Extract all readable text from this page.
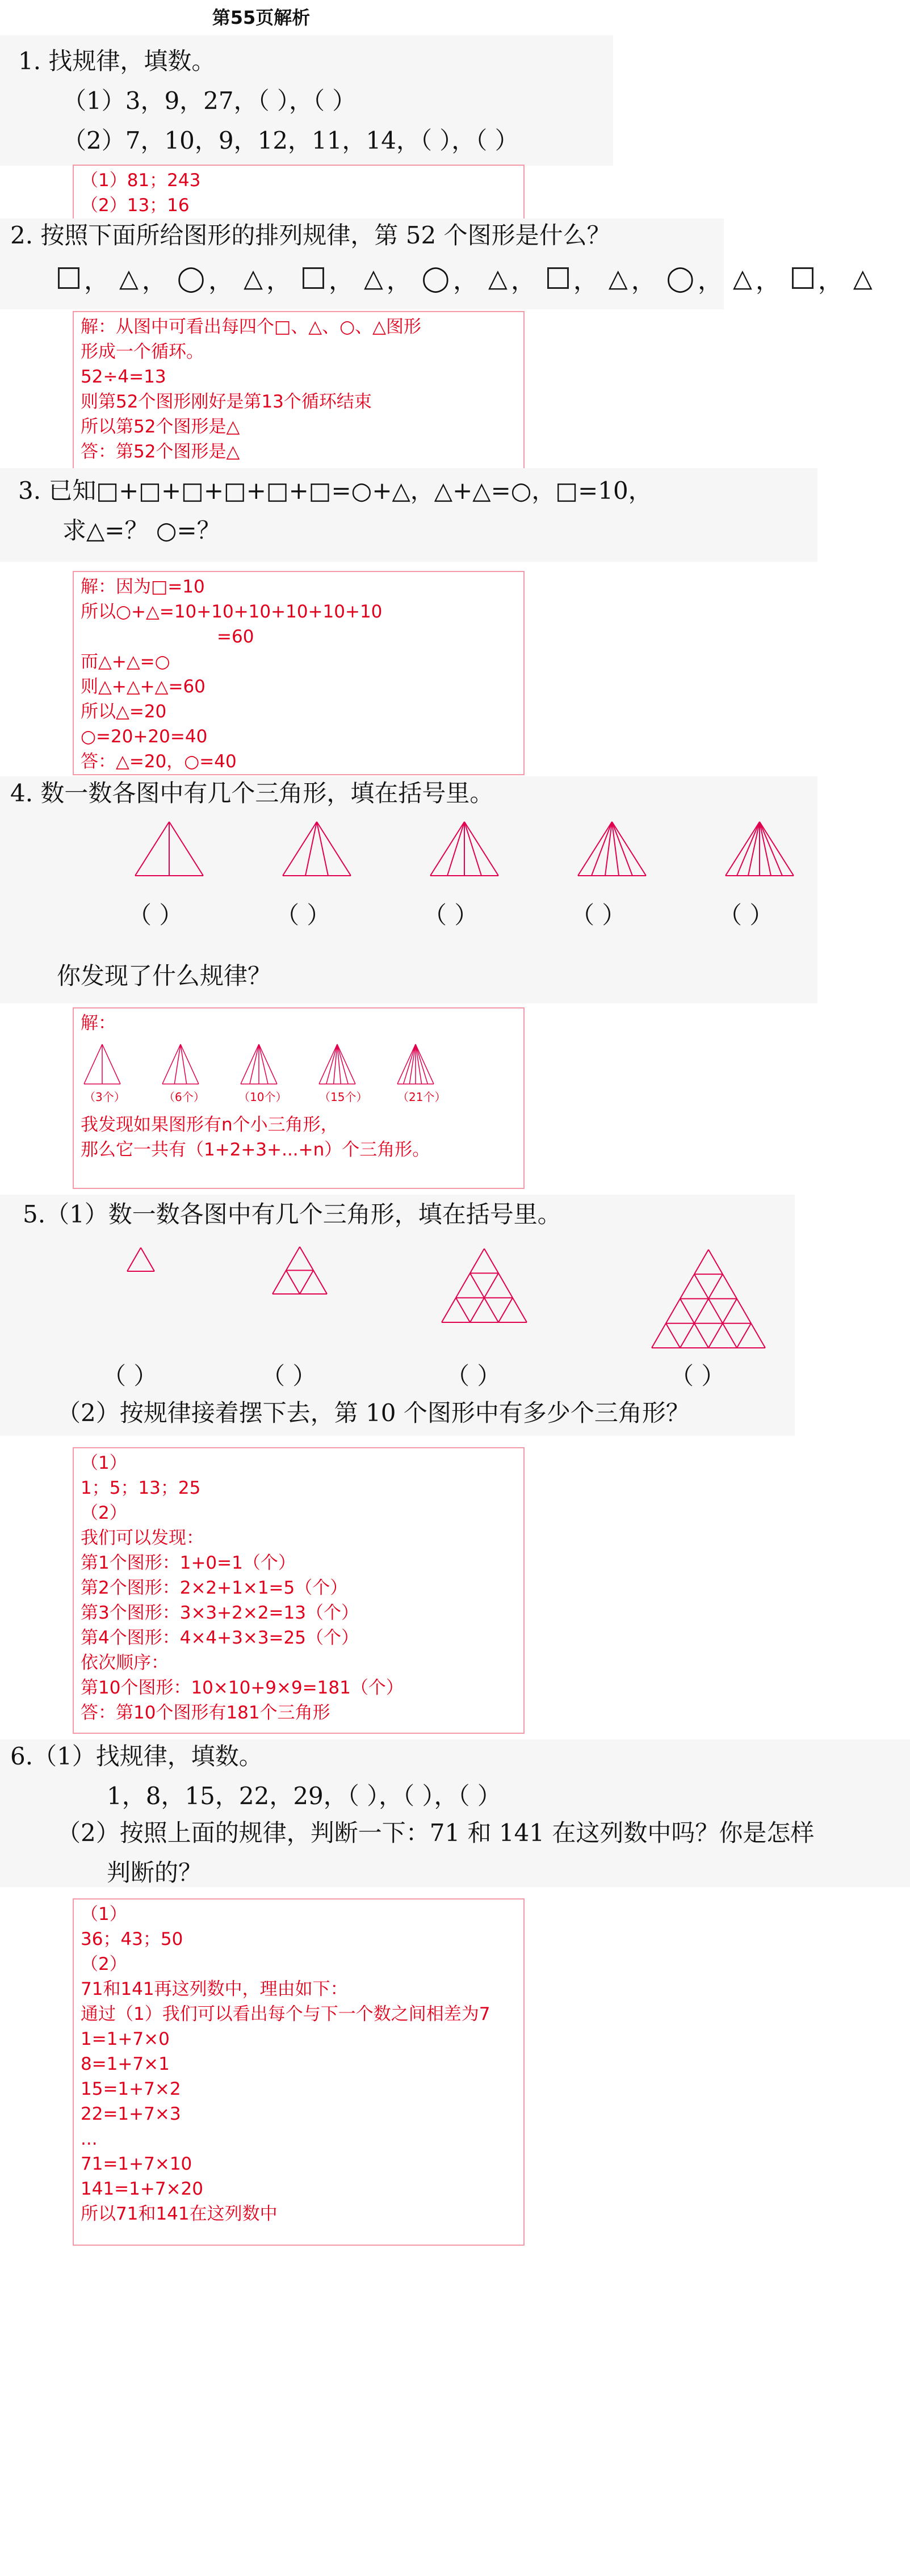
第55页解析
1. 找规律，填数。
（1）3，9，27，（ ），（ ）
（2）7，10，9，12，11，14，（ ），（ ）
（1）81；243
（2）13；16
2. 按照下面所给图形的排列规律，第 52 个图形是什么？
， △ ， ◯ ， △ ， ， △ ， ◯ ， △ ， ， △ ， ◯ ， △ ， ， △
解：从图中可看出每四个□、△、○、△图形
形成一个循环。
52÷4=13
则第52个图形刚好是第13个循环结束
所以第52个图形是△
答：第52个图形是△
3. 已知□+□+□+□+□+□=○+△，△+△=○，□=10，
求△=？ ○=？
解：因为□=10
所以○+△=10+10+10+10+10+10
=60
而△+△=○
则△+△+△=60
所以△=20
○=20+20=40
答：△=20，○=40
4. 数一数各图中有几个三角形，填在括号里。
（ ）	（ ）	（ ）	（ ）	（ ）
你发现了什么规律？
解：
（3个）	（6个）	（10个）	（15个）	（21个）
我发现如果图形有n个小三角形，
那么它一共有（1+2+3+...+n）个三角形。
5.（1）数一数各图中有几个三角形，填在括号里。
（ ）	（ ）	（ ）	（ ）
（2）按规律接着摆下去，第 10 个图形中有多少个三角形？
（1）
1；5；13；25
（2）
我们可以发现：
第1个图形：1+0=1（个）
第2个图形：2×2+1×1=5（个）
第3个图形：3×3+2×2=13（个）
第4个图形：4×4+3×3=25（个）
依次顺序：
第10个图形：10×10+9×9=181（个）
答：第10个图形有181个三角形
6.（1）找规律，填数。
1，8，15，22，29，（ ），（ ），（ ）
（2）按照上面的规律，判断一下：71 和 141 在这列数中吗？你是怎样
判断的？
（1）
36；43；50
（2）
71和141再这列数中，理由如下：
通过（1）我们可以看出每个与下一个数之间相差为7
1=1+7×0
8=1+7×1
15=1+7×2
22=1+7×3
...
71=1+7×10
141=1+7×20
所以71和141在这列数中
